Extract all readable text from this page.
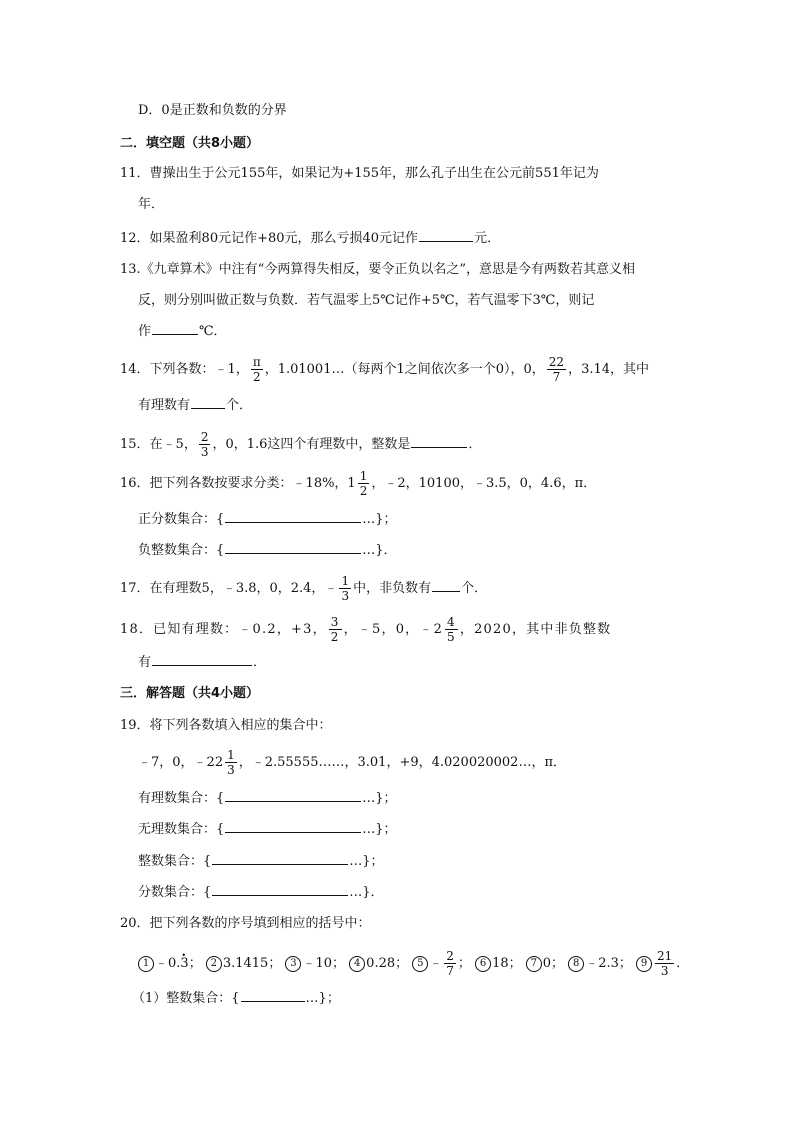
D．0是正数和负数的分界
二．填空题（共8小题）
11．曹操出生于公元155年，如果记为+155年，那么孔子出生在公元前551年记为
年．
12．如果盈利80元记作+80元，那么亏损40元记作	元．
13.《九章算术》中注有“今两算得失相反，要令正负以名之”，意思是今有两数若其意义相
反，则分别叫做正数与负数．若气温零上5℃记作+5℃，若气温零下3℃，则记
作	℃．
14．下列各数：﹣1， $\frac{\pi}{2}$ ，1.01001…（每两个1之间依次多一个0），0， $\frac{22}{7}$ ，3.14，其中
有理数有	个．
15．在﹣5， $\frac{2}{3}$ ，0，1.6这四个有理数中，整数是	．
16．把下列各数按要求分类：﹣18%，$1 \frac{1}{2}$ ，﹣2，10100，﹣3.5，0，4.6，π．
正分数集合：{	…}；
负整数集合：{	…}．
17．在有理数5，﹣3.8，0，2.4，﹣ $\frac{1}{3}$ 中，非负数有 个．
18．已知有理数：﹣0.2，+3， $\frac{3}{2}$ ，﹣5，0，﹣2 $\frac{4}{5}$ ，2020，其中非负整数
有	．
三．解答题（共4小题）
19．将下列各数填入相应的集合中：
﹣7，0，﹣22 $\frac{1}{3}$ ，﹣2.55555……，3.01，+9，4.020020002…，π．
有理数集合：{	…}；
无理数集合：{	…}；
整数集合：{	…}；
分数集合：{	…}．
20．把下列各数的序号填到相应的括号中：
1 ﹣0.3 •； 2 3.1415； 3 ﹣10； 4 0.28； 5 ﹣ $\frac{2}{7}$ ； 6 18； 7 0； 8 ﹣2.3； $9 \frac{21}{3}$ ．
（1）整数集合：{	…}；
